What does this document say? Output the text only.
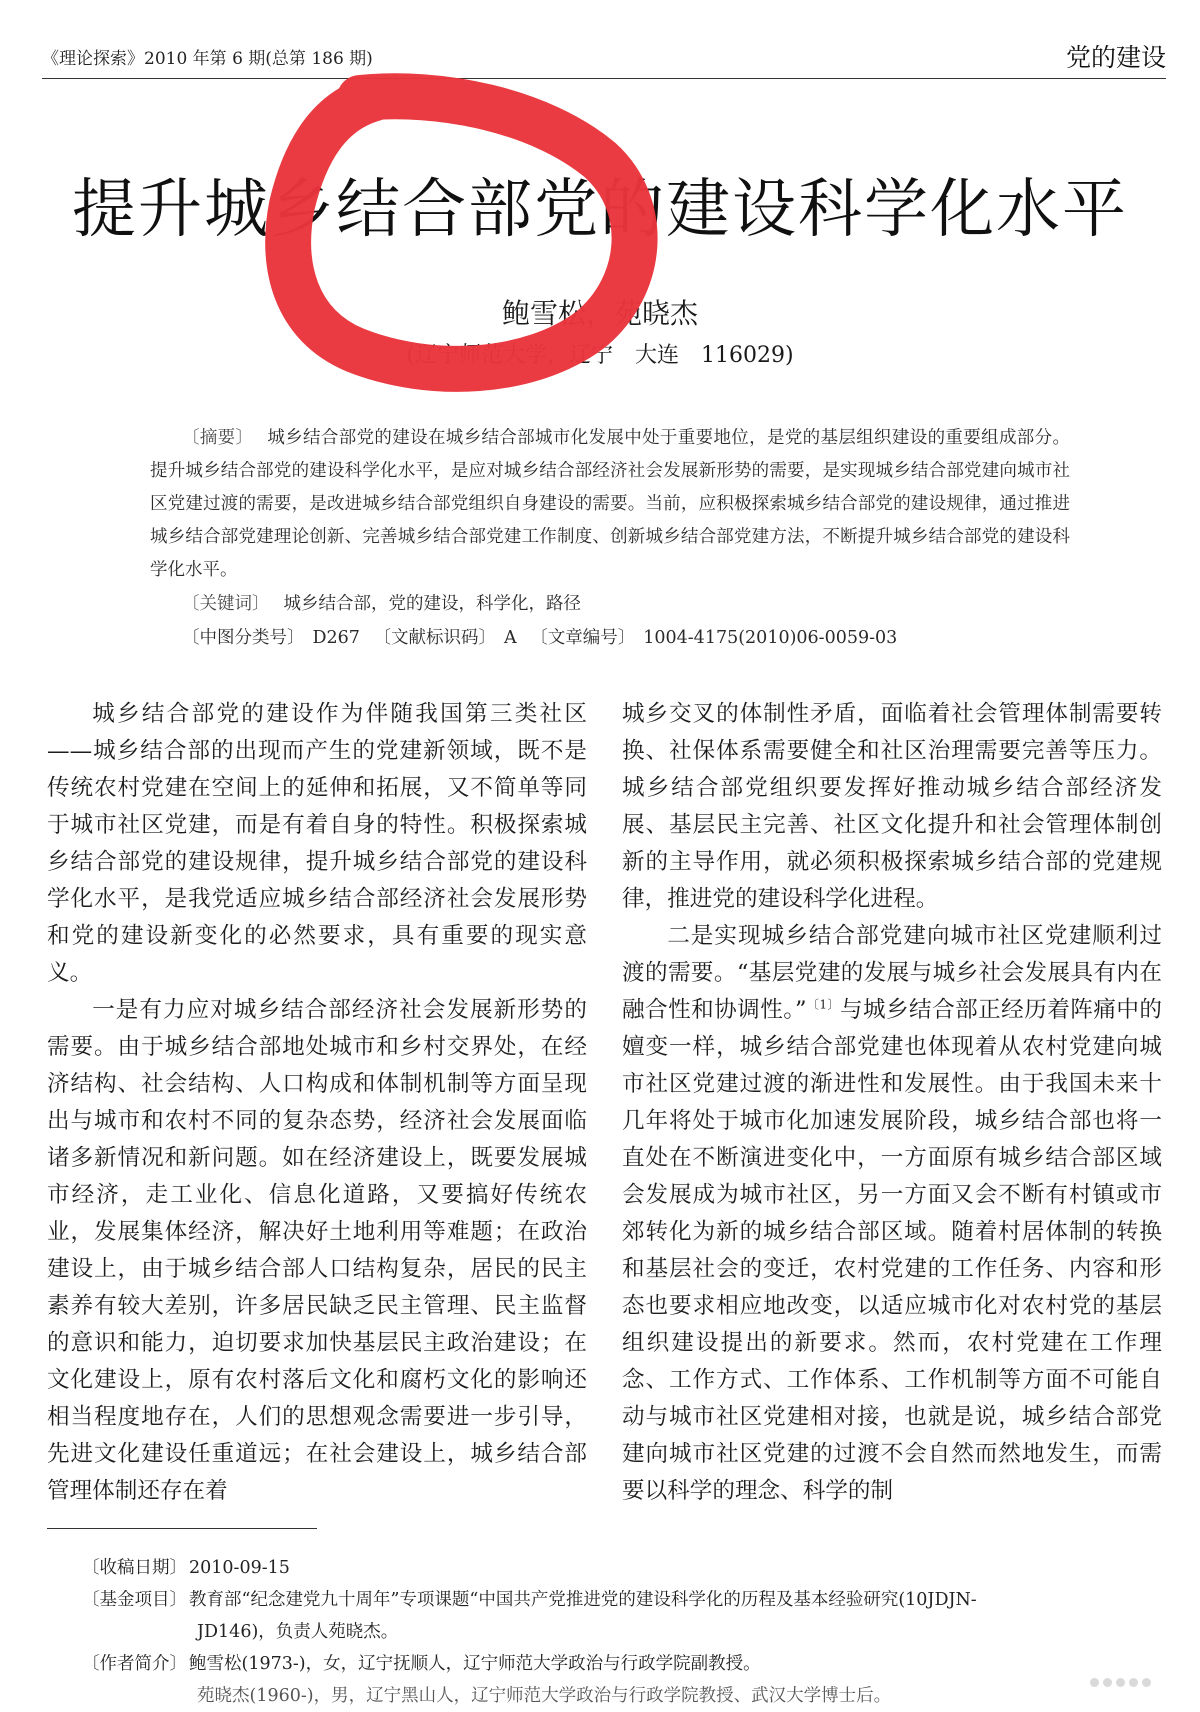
《理论探索》2010 年第 6 期(总第 186 期)	党的建设
提升城乡结合部党的建设科学化水平
鲍雪松，苑晓杰
(辽宁师范大学，辽宁　大连　116029)
〔摘要〕 城乡结合部党的建设在城乡结合部城市化发展中处于重要地位，是党的基层组织建设的重要组成部分。提升城乡结合部党的建设科学化水平，是应对城乡结合部经济社会发展新形势的需要，是实现城乡结合部党建向城市社区党建过渡的需要，是改进城乡结合部党组织自身建设的需要。当前，应积极探索城乡结合部党的建设规律，通过推进城乡结合部党建理论创新、完善城乡结合部党建工作制度、创新城乡结合部党建方法，不断提升城乡结合部党的建设科学化水平。
〔关键词〕 城乡结合部，党的建设，科学化，路径
〔中图分类号〕 D267 〔文献标识码〕 A 〔文章编号〕 1004-4175(2010)06-0059-03

城乡结合部党的建设作为伴随我国第三类社区——城乡结合部的出现而产生的党建新领域，既不是传统农村党建在空间上的延伸和拓展，又不简单等同于城市社区党建，而是有着自身的特性。积极探索城乡结合部党的建设规律，提升城乡结合部党的建设科学化水平，是我党适应城乡结合部经济社会发展形势和党的建设新变化的必然要求，具有重要的现实意义。

一是有力应对城乡结合部经济社会发展新形势的需要。由于城乡结合部地处城市和乡村交界处，在经济结构、社会结构、人口构成和体制机制等方面呈现出与城市和农村不同的复杂态势，经济社会发展面临诸多新情况和新问题。如在经济建设上，既要发展城市经济，走工业化、信息化道路，又要搞好传统农业，发展集体经济，解决好土地利用等难题；在政治建设上，由于城乡结合部人口结构复杂，居民的民主素养有较大差别，许多居民缺乏民主管理、民主监督的意识和能力，迫切要求加快基层民主政治建设；在文化建设上，原有农村落后文化和腐朽文化的影响还相当程度地存在，人们的思想观念需要进一步引导，先进文化建设任重道远；在社会建设上，城乡结合部管理体制还存在着

城乡交叉的体制性矛盾，面临着社会管理体制需要转换、社保体系需要健全和社区治理需要完善等压力。城乡结合部党组织要发挥好推动城乡结合部经济发展、基层民主完善、社区文化提升和社会管理体制创新的主导作用，就必须积极探索城乡结合部的党建规律，推进党的建设科学化进程。

二是实现城乡结合部党建向城市社区党建顺利过渡的需要。“基层党建的发展与城乡社会发展具有内在融合性和协调性。”$^{〔1〕}$与城乡结合部正经历着阵痛中的嬗变一样，城乡结合部党建也体现着从农村党建向城市社区党建过渡的渐进性和发展性。由于我国未来十几年将处于城市化加速发展阶段，城乡结合部也将一直处在不断演进变化中，一方面原有城乡结合部区域会发展成为城市社区，另一方面又会不断有村镇或市郊转化为新的城乡结合部区域。随着村居体制的转换和基层社会的变迁，农村党建的工作任务、内容和形态也要求相应地改变，以适应城市化对农村党的基层组织建设提出的新要求。然而，农村党建在工作理念、工作方式、工作体系、工作机制等方面不可能自动与城市社区党建相对接，也就是说，城乡结合部党建向城市社区党建的过渡不会自然而然地发生，而需要以科学的理念、科学的制

〔收稿日期〕 2010-09-15
〔基金项目〕 教育部“纪念建党九十周年”专项课题“中国共产党推进党的建设科学化的历程及基本经验研究(10JDJN-
JD146)，负责人苑晓杰。
〔作者简介〕 鲍雪松(1973-)，女，辽宁抚顺人，辽宁师范大学政治与行政学院副教授。
苑晓杰(1960-)，男，辽宁黑山人，辽宁师范大学政治与行政学院教授、武汉大学博士后。
